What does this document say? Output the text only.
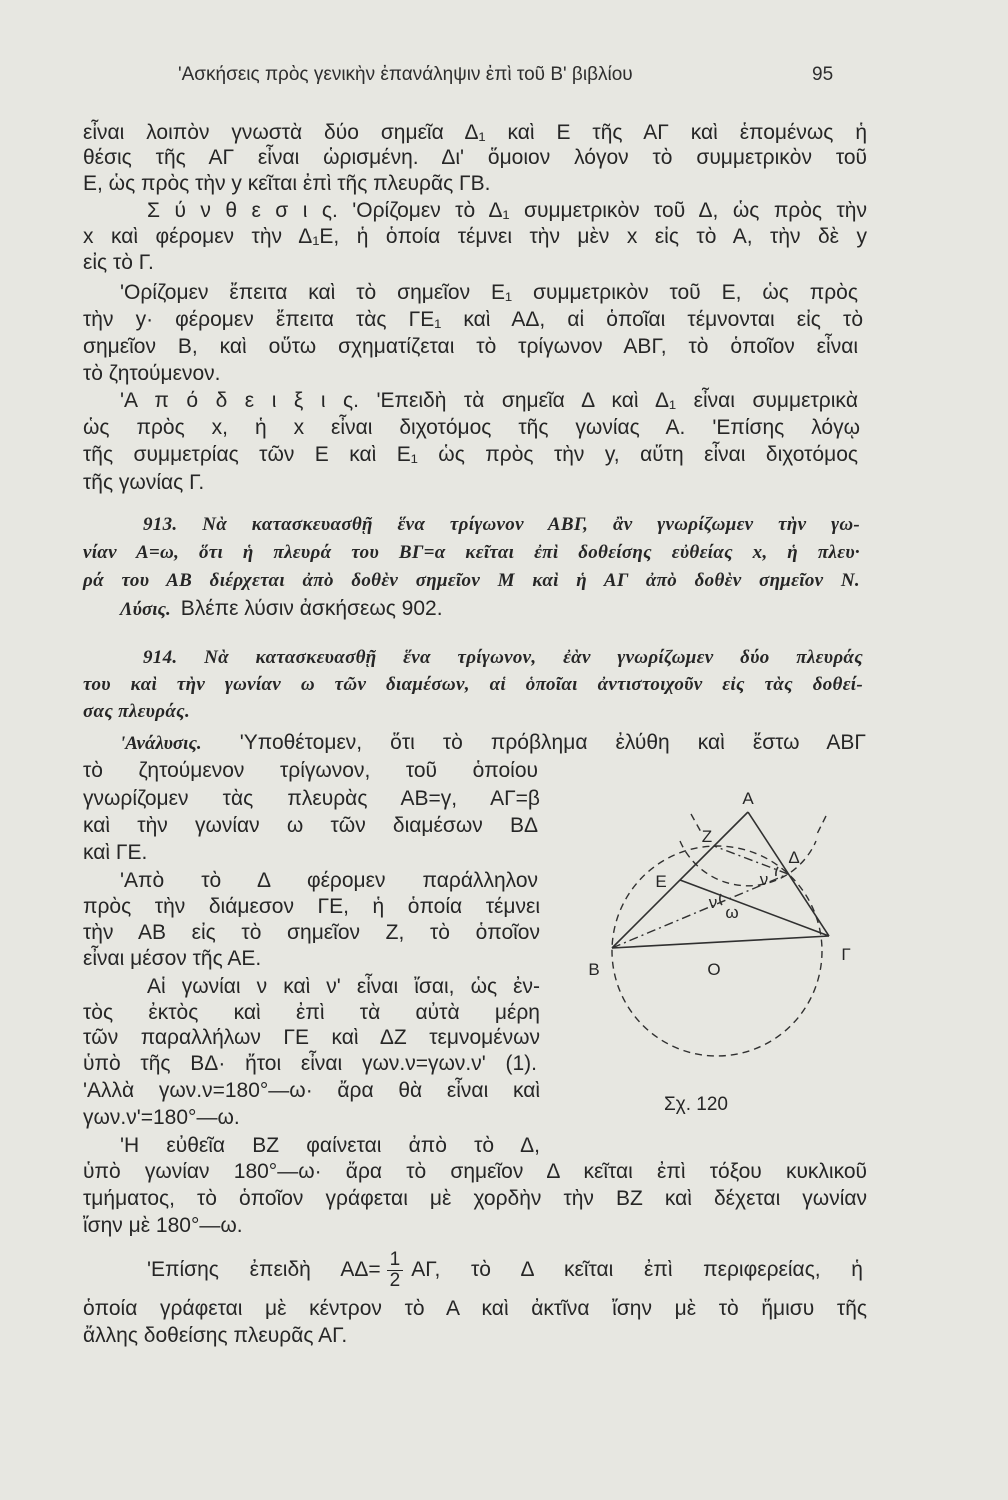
'Ασκήσεις πρὸς γενικὴν ἐπανάληψιν ἐπὶ τοῦ Β' βιβλίου	95
εἶναι λοιπὸν γνωστὰ δύο σημεῖα Δ₁ καὶ Ε τῆς ΑΓ καὶ ἑπομένως ἡ
θέσις τῆς ΑΓ εἶναι ὡρισμένη. Δι' ὅμοιον λόγον τὸ συμμετρικὸν τοῦ
Ε, ὡς πρὸς τὴν y κεῖται ἐπὶ τῆς πλευρᾶς ΓΒ.
Σ ύ ν θ ε σ ι ς. 'Ορίζομεν τὸ Δ₁ συμμετρικὸν τοῦ Δ, ὡς πρὸς τὴν
x καὶ φέρομεν τὴν Δ₁Ε, ἡ ὁποία τέμνει τὴν μὲν x εἰς τὸ Α, τὴν δὲ y
εἰς τὸ Γ.
'Ορίζομεν ἔπειτα καὶ τὸ σημεῖον Ε₁ συμμετρικὸν τοῦ Ε, ὡς πρὸς
τὴν y· φέρομεν ἔπειτα τὰς ΓΕ₁ καὶ ΑΔ, αἱ ὁποῖαι τέμνονται εἰς τὸ
σημεῖον Β, καὶ οὕτω σχηματίζεται τὸ τρίγωνον ΑΒΓ, τὸ ὁποῖον εἶναι
τὸ ζητούμενον.
'Α π ό δ ε ι ξ ι ς. 'Επειδὴ τὰ σημεῖα Δ καὶ Δ₁ εἶναι συμμετρικὰ
ὡς πρὸς x, ἡ x εἶναι διχοτόμος τῆς γωνίας Α. 'Επίσης λόγῳ
τῆς συμμετρίας τῶν Ε καὶ Ε₁ ὡς πρὸς τὴν y, αὕτη εἶναι διχοτόμος
τῆς γωνίας Γ.
913. Νὰ κατασκευασθῇ ἕνα τρίγωνον ΑΒΓ, ἂν γνωρίζωμεν τὴν γω-
νίαν Α=ω, ὅτι ἡ πλευρά του ΒΓ=α κεῖται ἐπὶ δοθείσης εὐθείας x, ἡ πλευ·
ρά του ΑΒ διέρχεται ἀπὸ δοθὲν σημεῖον Μ καὶ ἡ ΑΓ ἀπὸ δοθὲν σημεῖον Ν.
Λύσις. Βλέπε λύσιν ἀσκήσεως 902.
914. Νὰ κατασκευασθῇ ἕνα τρίγωνον, ἐὰν γνωρίζωμεν δύο πλευράς
του καὶ τὴν γωνίαν ω τῶν διαμέσων, αἱ ὁποῖαι ἀντιστοιχοῦν εἰς τὰς δοθεί-
σας πλευράς.
'Ανάλυσις. 'Υποθέτομεν, ὅτι τὸ πρόβλημα ἐλύθη καὶ ἔστω ΑΒΓ
τὸ ζητούμενον τρίγωνον, τοῦ ὁποίου
γνωρίζομεν τὰς πλευρὰς ΑΒ=γ, ΑΓ=β
καὶ τὴν γωνίαν ω τῶν διαμέσων ΒΔ
καὶ ΓΕ.
'Απὸ τὸ Δ φέρομεν παράλληλον
πρὸς τὴν διάμεσον ΓΕ, ἡ ὁποία τέμνει
τὴν ΑΒ εἰς τὸ σημεῖον Ζ, τὸ ὁποῖον
εἶναι μέσον τῆς ΑΕ.
Αἱ γωνίαι ν καὶ ν' εἶναι ἴσαι, ὡς ἐν-
τὸς ἐκτὸς καὶ ἐπὶ τὰ αὐτὰ μέρη
τῶν παραλλήλων ΓΕ καὶ ΔΖ τεμνομένων
ὑπὸ τῆς ΒΔ· ἤτοι εἶναι γων.ν=γων.ν' (1).
'Αλλὰ γων.ν=180°—ω· ἄρα θὰ εἶναι καὶ
γων.ν'=180°—ω.
'Η εὐθεῖα ΒΖ φαίνεται ἀπὸ τὸ Δ,
ὑπὸ γωνίαν 180°—ω· ἄρα τὸ σημεῖον Δ κεῖται ἐπὶ τόξου κυκλικοῦ
τμήματος, τὸ ὁποῖον γράφεται μὲ χορδὴν τὴν ΒΖ καὶ δέχεται γωνίαν
ἴσην μὲ 180°—ω.
'Επίσης ἐπειδὴ $A\Delta= \frac{1}{2} A\Gamma$, τὸ Δ κεῖται ἐπὶ περιφερείας, ἡ
ὁποία γράφεται μὲ κέντρον τὸ Α καὶ ἀκτῖνα ἴσην μὲ τὸ ἥμισυ τῆς
ἄλλης δοθείσης πλευρᾶς ΑΓ.
Α
Ζ
Δ
Ε	ν
ν
ω
Β	Ο
Γ
Σχ. 120
